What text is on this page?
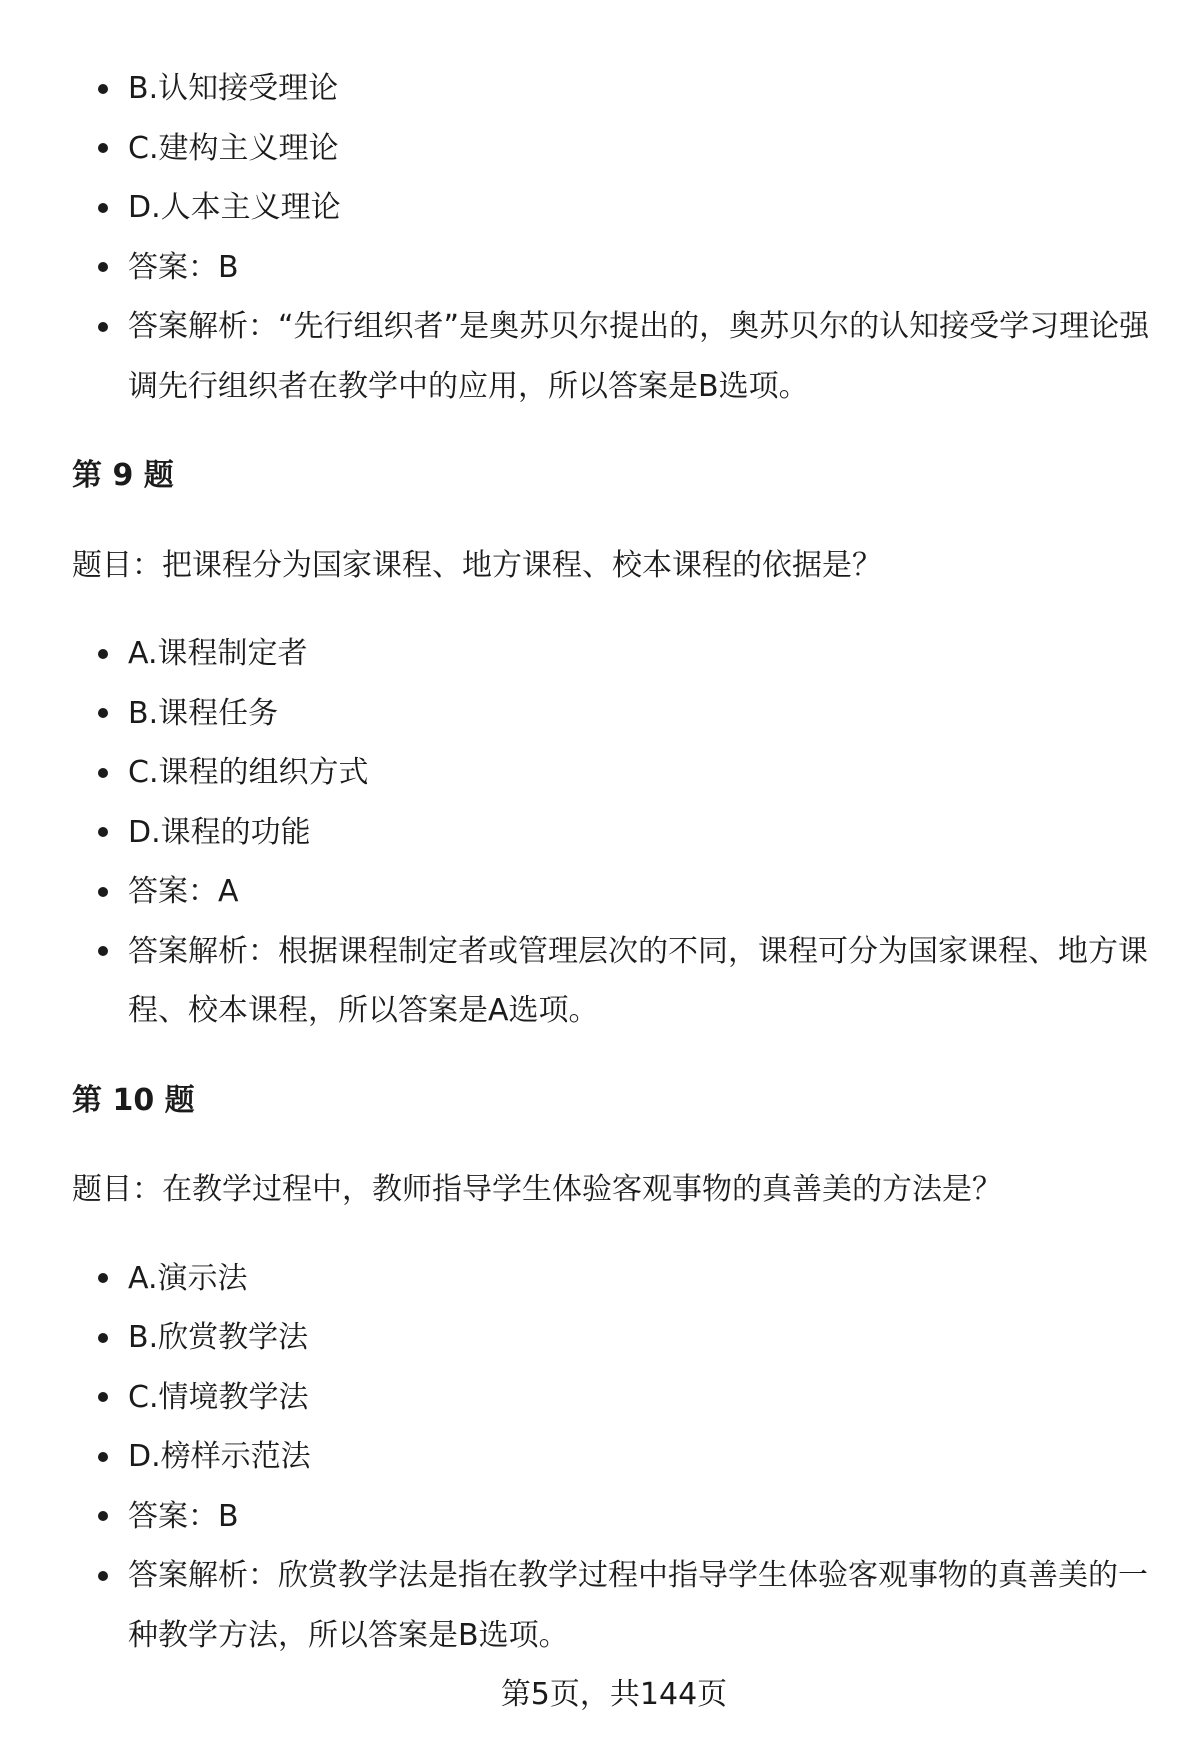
B.认知接受理论
C.建构主义理论
D.人本主义理论
答案：B
答案解析：“先行组织者”是奥苏贝尔提出的，奥苏贝尔的认知接受学习理论强调先行组织者在教学中的应用，所以答案是B选项。
第 9 题
题目：把课程分为国家课程、地方课程、校本课程的依据是？
A.课程制定者
B.课程任务
C.课程的组织方式
D.课程的功能
答案：A
答案解析：根据课程制定者或管理层次的不同，课程可分为国家课程、地方课程、校本课程，所以答案是A选项。
第 10 题
题目：在教学过程中，教师指导学生体验客观事物的真善美的方法是？
A.演示法
B.欣赏教学法
C.情境教学法
D.榜样示范法
答案：B
答案解析：欣赏教学法是指在教学过程中指导学生体验客观事物的真善美的一种教学方法，所以答案是B选项。
第5页，共144页
